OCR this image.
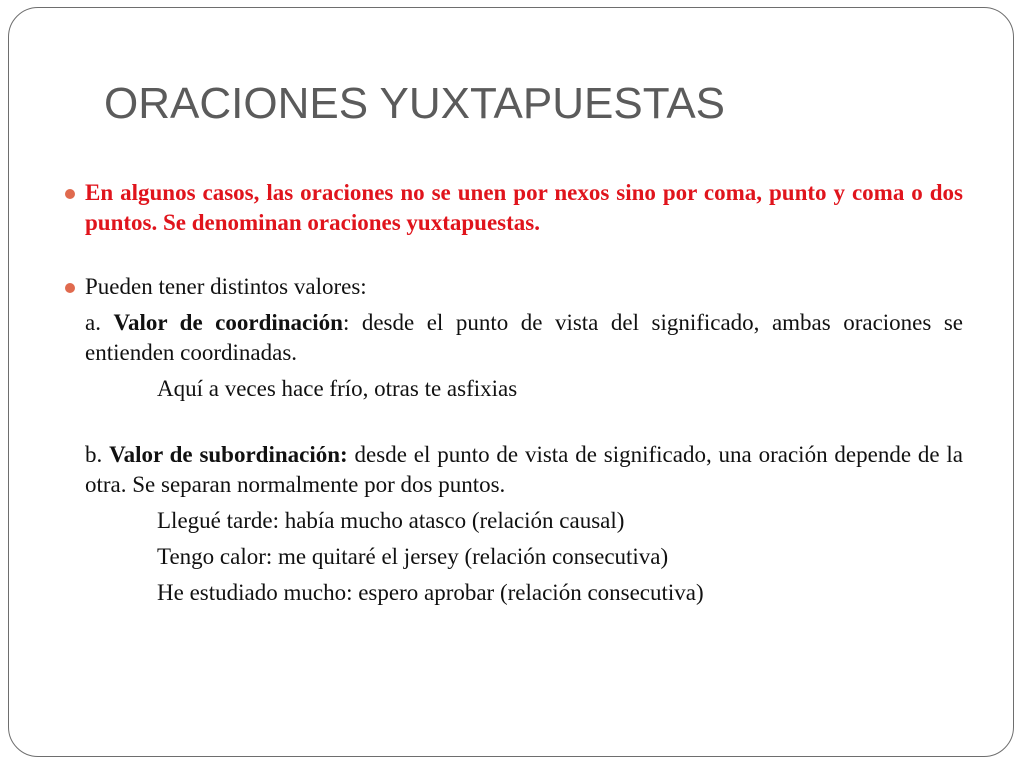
ORACIONES YUXTAPUESTAS
En algunos casos, las oraciones no se unen por nexos sino por coma, punto y coma o dos puntos. Se denominan oraciones yuxtapuestas.
Pueden tener distintos valores:
a. Valor de coordinación: desde el punto de vista del significado, ambas oraciones se entienden coordinadas.
Aquí a veces hace frío, otras te asfixias
b. Valor de subordinación: desde el punto de vista de significado, una oración depende de la otra. Se separan normalmente por dos puntos.
Llegué tarde: había mucho atasco (relación causal)
Tengo calor: me quitaré el jersey (relación consecutiva)
He estudiado mucho: espero aprobar (relación consecutiva)
